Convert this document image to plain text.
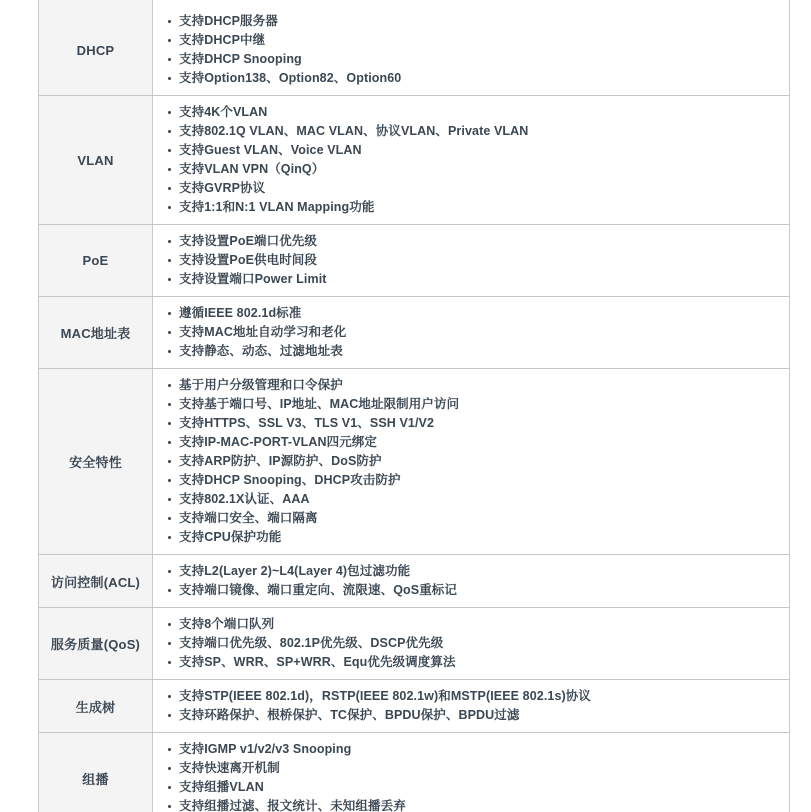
DHCP
支持DHCP服务器
支持DHCP中继
支持DHCP Snooping
支持Option138、Option82、Option60
VLAN
支持4K个VLAN
支持802.1Q VLAN、MAC VLAN、协议VLAN、Private VLAN
支持Guest VLAN、Voice VLAN
支持VLAN VPN（QinQ）
支持GVRP协议
支持1:1和N:1 VLAN Mapping功能
PoE
支持设置PoE端口优先级
支持设置PoE供电时间段
支持设置端口Power Limit
MAC地址表
遵循IEEE 802.1d标准
支持MAC地址自动学习和老化
支持静态、动态、过滤地址表
安全特性
基于用户分级管理和口令保护
支持基于端口号、IP地址、MAC地址限制用户访问
支持HTTPS、SSL V3、TLS V1、SSH V1/V2
支持IP-MAC-PORT-VLAN四元绑定
支持ARP防护、IP源防护、DoS防护
支持DHCP Snooping、DHCP攻击防护
支持802.1X认证、AAA
支持端口安全、端口隔离
支持CPU保护功能
访问控制(ACL)
支持L2(Layer 2)~L4(Layer 4)包过滤功能
支持端口镜像、端口重定向、流限速、QoS重标记
服务质量(QoS)
支持8个端口队列
支持端口优先级、802.1P优先级、DSCP优先级
支持SP、WRR、SP+WRR、Equ优先级调度算法
生成树
支持STP(IEEE 802.1d)，RSTP(IEEE 802.1w)和MSTP(IEEE 802.1s)协议
支持环路保护、根桥保护、TC保护、BPDU保护、BPDU过滤
组播
支持IGMP v1/v2/v3 Snooping
支持快速离开机制
支持组播VLAN
支持组播过滤、报文统计、未知组播丢弃
